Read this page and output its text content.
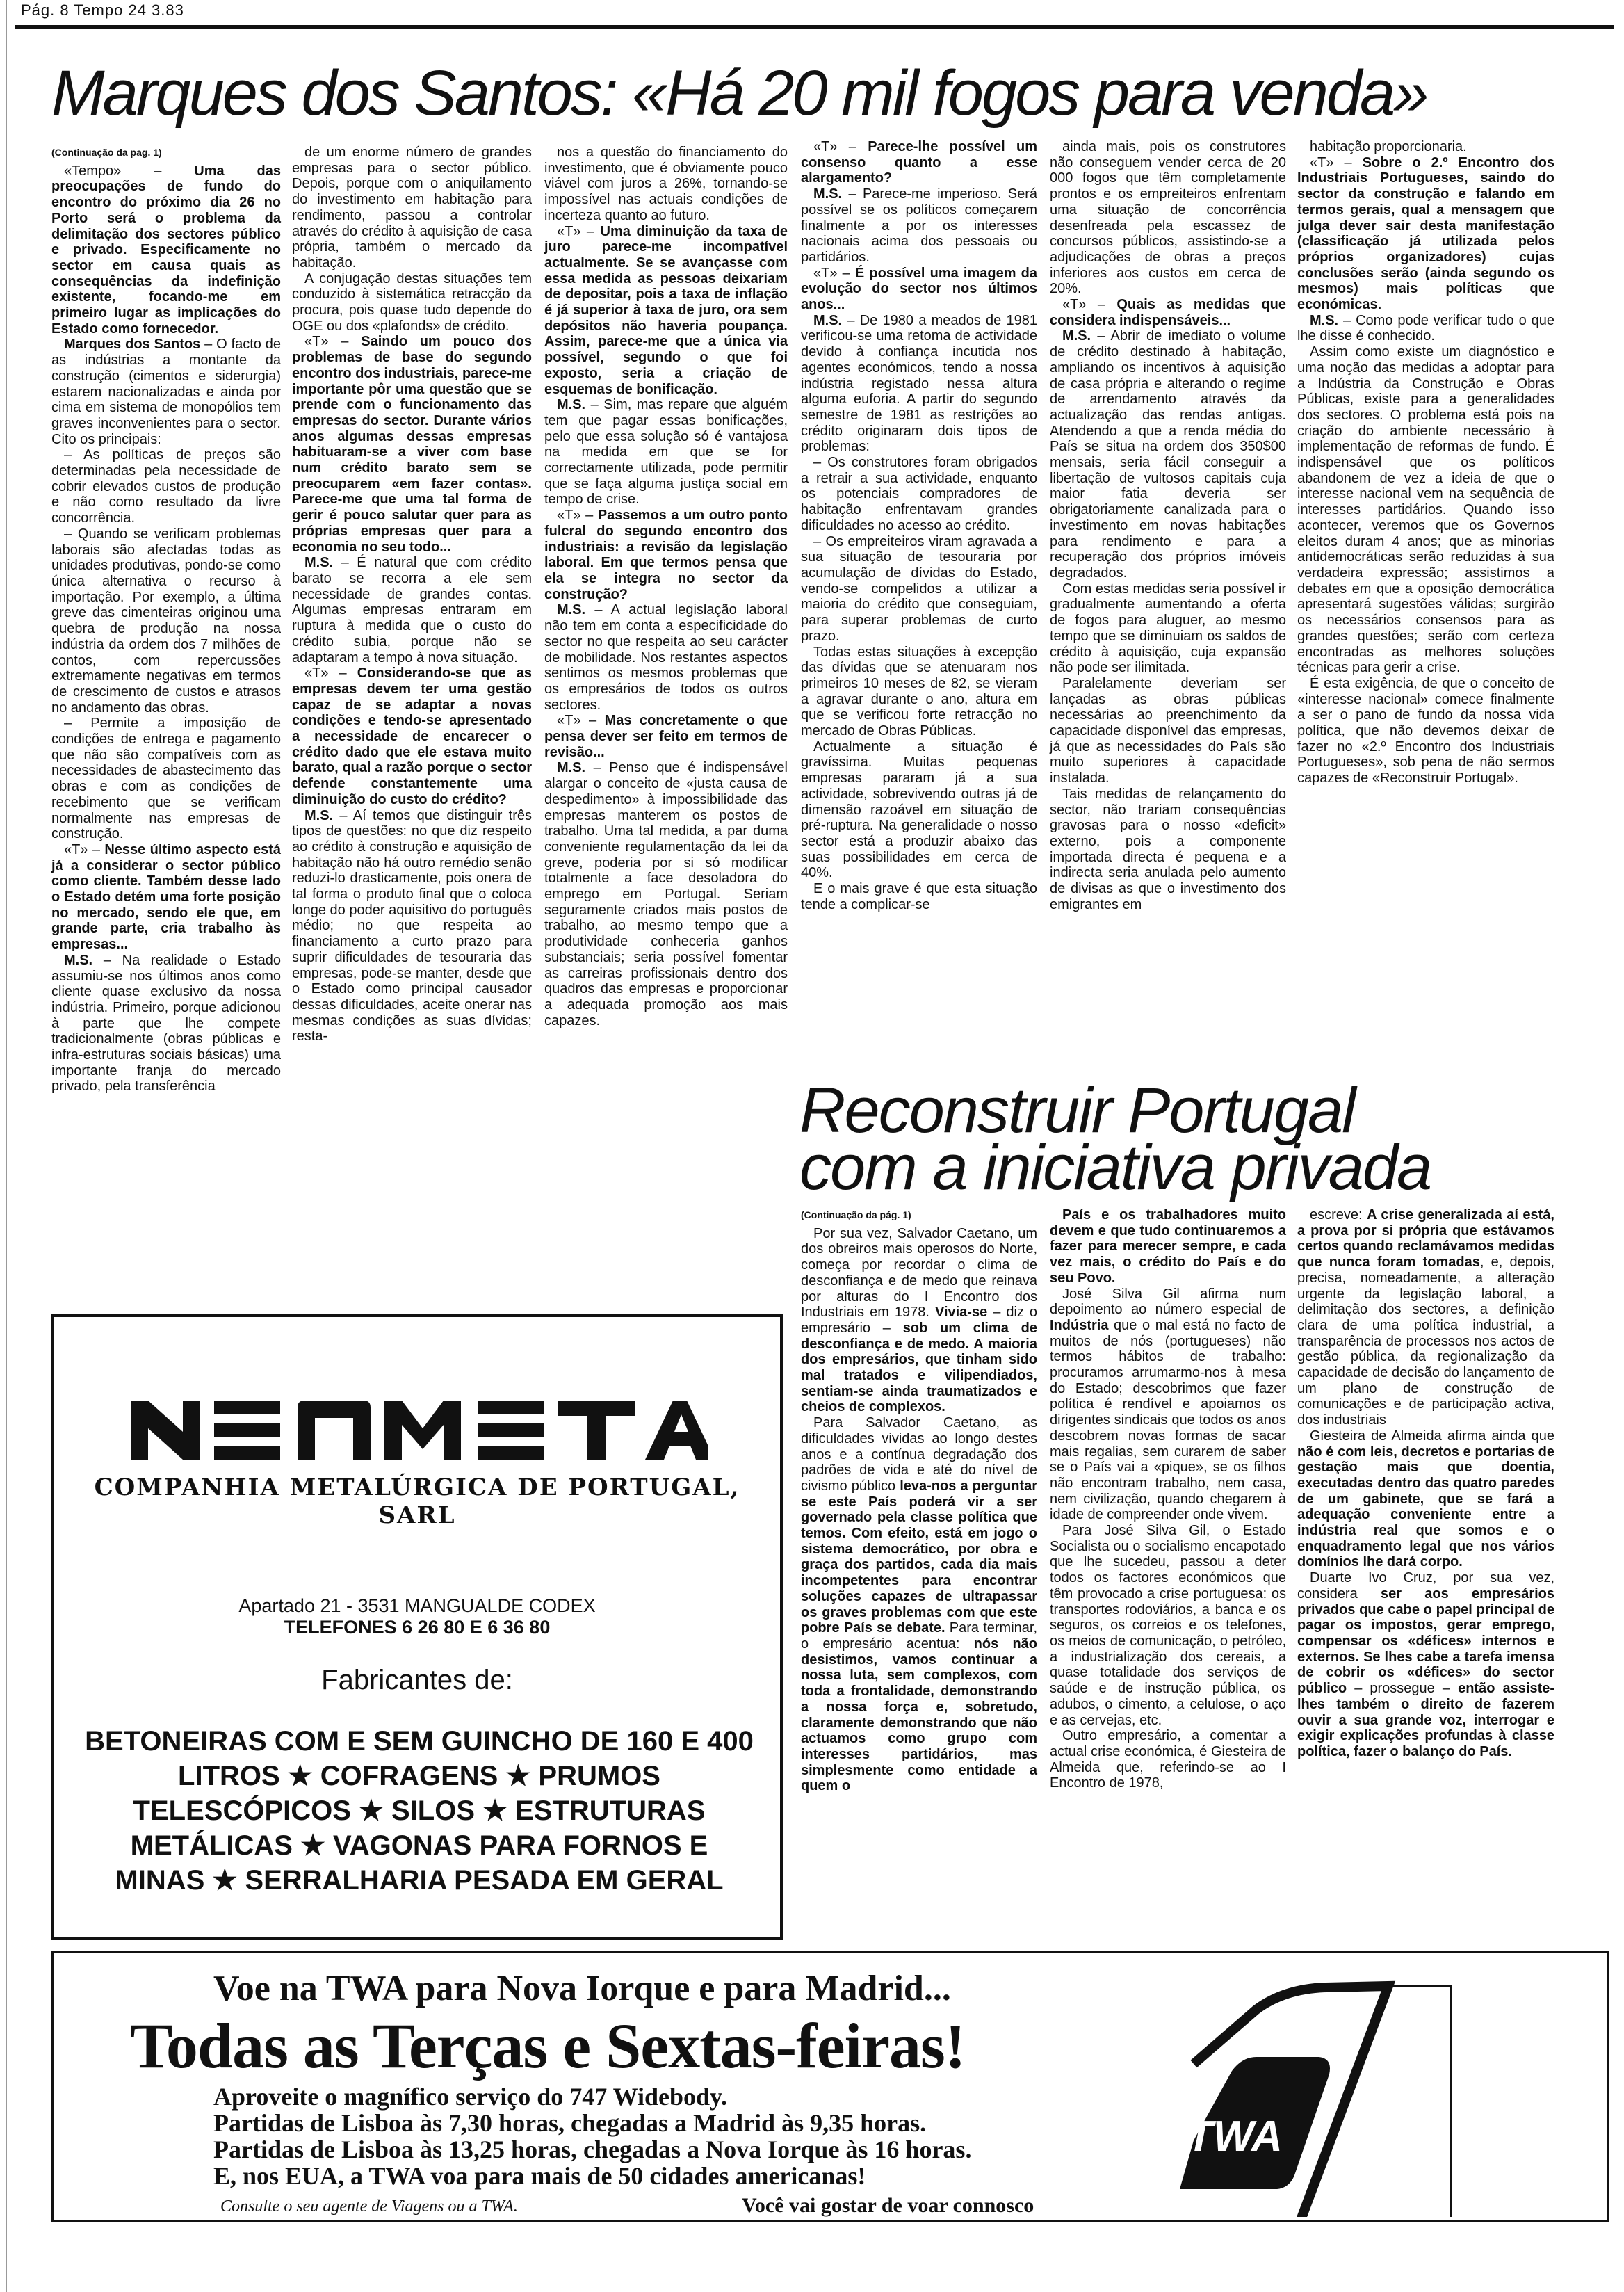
Pág. 8 Tempo 24 3.83
Marques dos Santos: «Há 20 mil fogos para venda»
(Continuação da pag. 1)

«Tempo» – Uma das preocupações de fundo do encontro do próximo dia 26 no Porto será o problema da delimitação dos sectores público e privado. Especificamente no sector em causa quais as consequências da indefinição existente, focando-me em primeiro lugar as implicações do Estado como fornecedor.

Marques dos Santos – O facto de as indústrias a montante da construção (cimentos e siderurgia) estarem nacionalizadas e ainda por cima em sistema de monopólios tem graves inconvenientes para o sector. Cito os principais:

– As políticas de preços são determinadas pela necessidade de cobrir elevados custos de produção e não como resultado da livre concorrência.

– Quando se verificam problemas laborais são afectadas todas as unidades produtivas, pondo-se como única alternativa o recurso à importação. Por exemplo, a última greve das cimenteiras originou uma quebra de produção na nossa indústria da ordem dos 7 milhões de contos, com repercussões extremamente negativas em termos de crescimento de custos e atrasos no andamento das obras.

– Permite a imposição de condições de entrega e pagamento que não são compatíveis com as necessidades de abastecimento das obras e com as condições de recebimento que se verificam normalmente nas empresas de construção.

«T» – Nesse último aspecto está já a considerar o sector público como cliente. Também desse lado o Estado detém uma forte posição no mercado, sendo ele que, em grande parte, cria trabalho às empresas...

M.S. – Na realidade o Estado assumiu-se nos últimos anos como cliente quase exclusivo da nossa indústria. Primeiro, porque adicionou à parte que lhe compete tradicionalmente (obras públicas e infra-estruturas sociais básicas) uma importante franja do mercado privado, pela transferência

de um enorme número de grandes empresas para o sector público. Depois, porque com o aniquilamento do investimento em habitação para rendimento, passou a controlar através do crédito à aquisição de casa própria, também o mercado da habitação.

A conjugação destas situações tem conduzido à sistemática retracção da procura, pois quase tudo depende do OGE ou dos «plafonds» de crédito.

«T» – Saindo um pouco dos problemas de base do segundo encontro dos industriais, parece-me importante pôr uma questão que se prende com o funcionamento das empresas do sector. Durante vários anos algumas dessas empresas habituaram-se a viver com base num crédito barato sem se preocuparem «em fazer contas». Parece-me que uma tal forma de gerir é pouco salutar quer para as próprias empresas quer para a economia no seu todo...

M.S. – É natural que com crédito barato se recorra a ele sem necessidade de grandes contas. Algumas empresas entraram em ruptura à medida que o custo do crédito subia, porque não se adaptaram a tempo à nova situação.

«T» – Considerando-se que as empresas devem ter uma gestão capaz de se adaptar a novas condições e tendo-se apresentado a necessidade de encarecer o crédito dado que ele estava muito barato, qual a razão porque o sector defende constantemente uma diminuição do custo do crédito?

M.S. – Aí temos que distinguir três tipos de questões: no que diz respeito ao crédito à construção e aquisição de habitação não há outro remédio senão reduzi-lo drasticamente, pois onera de tal forma o produto final que o coloca longe do poder aquisitivo do português médio; no que respeita ao financiamento a curto prazo para suprir dificuldades de tesouraria das empresas, pode-se manter, desde que o Estado como principal causador dessas dificuldades, aceite onerar nas mesmas condições as suas dívidas; resta-

nos a questão do financiamento do investimento, que é obviamente pouco viável com juros a 26%, tornando-se impossível nas actuais condições de incerteza quanto ao futuro.

«T» – Uma diminuição da taxa de juro parece-me incompatível actualmente. Se se avançasse com essa medida as pessoas deixariam de depositar, pois a taxa de inflação é já superior à taxa de juro, ora sem depósitos não haveria poupança. Assim, parece-me que a única via possível, segundo o que foi exposto, seria a criação de esquemas de bonificação.

M.S. – Sim, mas repare que alguém tem que pagar essas bonificações, pelo que essa solução só é vantajosa na medida em que se for correctamente utilizada, pode permitir que se faça alguma justiça social em tempo de crise.

«T» – Passemos a um outro ponto fulcral do segundo encontro dos industriais: a revisão da legislação laboral. Em que termos pensa que ela se integra no sector da construção?

M.S. – A actual legislação laboral não tem em conta a especificidade do sector no que respeita ao seu carácter de mobilidade. Nos restantes aspectos sentimos os mesmos problemas que os empresários de todos os outros sectores.

«T» – Mas concretamente o que pensa dever ser feito em termos de revisão...

M.S. – Penso que é indispensável alargar o conceito de «justa causa de despedimento» à impossibilidade das empresas manterem os postos de trabalho. Uma tal medida, a par duma conveniente regulamentação da lei da greve, poderia por si só modificar totalmente a face desoladora do emprego em Portugal. Seriam seguramente criados mais postos de trabalho, ao mesmo tempo que a produtividade conheceria ganhos substanciais; seria possível fomentar as carreiras profissionais dentro dos quadros das empresas e proporcionar a adequada promoção aos mais capazes.

«T» – Parece-lhe possível um consenso quanto a esse alargamento?

M.S. – Parece-me imperioso. Será possível se os políticos começarem finalmente a por os interesses nacionais acima dos pessoais ou partidários.

«T» – É possível uma imagem da evolução do sector nos últimos anos...

M.S. – De 1980 a meados de 1981 verificou-se uma retoma de actividade devido à confiança incutida nos agentes económicos, tendo a nossa indústria registado nessa altura alguma euforia. A partir do segundo semestre de 1981 as restrições ao crédito originaram dois tipos de problemas:

– Os construtores foram obrigados a retrair a sua actividade, enquanto os potenciais compradores de habitação enfrentavam grandes dificuldades no acesso ao crédito.

– Os empreiteiros viram agravada a sua situação de tesouraria por acumulação de dívidas do Estado, vendo-se compelidos a utilizar a maioria do crédito que conseguiam, para superar problemas de curto prazo.

Todas estas situações à excepção das dívidas que se atenuaram nos primeiros 10 meses de 82, se vieram a agravar durante o ano, altura em que se verificou forte retracção no mercado de Obras Públicas.

Actualmente a situação é gravíssima. Muitas pequenas empresas pararam já a sua actividade, sobrevivendo outras já de dimensão razoável em situação de pré-ruptura. Na generalidade o nosso sector está a produzir abaixo das suas possibilidades em cerca de 40%.

E o mais grave é que esta situação tende a complicar-se

ainda mais, pois os construtores não conseguem vender cerca de 20 000 fogos que têm completamente prontos e os empreiteiros enfrentam uma situação de concorrência desenfreada pela escassez de concursos públicos, assistindo-se a adjudicações de obras a preços inferiores aos custos em cerca de 20%.

«T» – Quais as medidas que considera indispensáveis...

M.S. – Abrir de imediato o volume de crédito destinado à habitação, ampliando os incentivos à aquisição de casa própria e alterando o regime de arrendamento através da actualização das rendas antigas. Atendendo a que a renda média do País se situa na ordem dos 350$00 mensais, seria fácil conseguir a libertação de vultosos capitais cuja maior fatia deveria ser obrigatoriamente canalizada para o investimento em novas habitações para rendimento e para a recuperação dos próprios imóveis degradados.

Com estas medidas seria possível ir gradualmente aumentando a oferta de fogos para aluguer, ao mesmo tempo que se diminuiam os saldos de crédito à aquisição, cuja expansão não pode ser ilimitada.

Paralelamente deveriam ser lançadas as obras públicas necessárias ao preenchimento da capacidade disponível das empresas, já que as necessidades do País são muito superiores à capacidade instalada.

Tais medidas de relançamento do sector, não trariam consequências gravosas para o nosso «deficit» externo, pois a componente importada directa é pequena e a indirecta seria anulada pelo aumento de divisas as que o investimento dos emigrantes em

habitação proporcionaria.

«T» – Sobre o 2.º Encontro dos Industriais Portugueses, saindo do sector da construção e falando em termos gerais, qual a mensagem que julga dever sair desta manifestação (classificação já utilizada pelos próprios organizadores) cujas conclusões serão (ainda segundo os mesmos) mais políticas que económicas.

M.S. – Como pode verificar tudo o que lhe disse é conhecido.

Assim como existe um diagnóstico e uma noção das medidas a adoptar para a Indústria da Construção e Obras Públicas, existe para a generalidades dos sectores. O problema está pois na criação do ambiente necessário à implementação de reformas de fundo. É indispensável que os políticos abandonem de vez a ideia de que o interesse nacional vem na sequência de interesses partidários. Quando isso acontecer, veremos que os Governos eleitos duram 4 anos; que as minorias antidemocráticas serão reduzidas à sua verdadeira expressão; assistimos a debates em que a oposição democrática apresentará sugestões válidas; surgirão os necessários consensos para as grandes questões; serão com certeza encontradas as melhores soluções técnicas para gerir a crise.

É esta exigência, de que o conceito de «interesse nacional» comece finalmente a ser o pano de fundo da nossa vida política, que não devemos deixar de fazer no «2.º Encontro dos Industriais Portugueses», sob pena de não sermos capazes de «Reconstruir Portugal».

Reconstruir Portugal
com a iniciativa privada
(Continuação da pág. 1)

Por sua vez, Salvador Caetano, um dos obreiros mais operosos do Norte, começa por recordar o clima de desconfiança e de medo que reinava por alturas do I Encontro dos Industriais em 1978. Vivia-se – diz o empresário – sob um clima de desconfiança e de medo. A maioria dos empresários, que tinham sido mal tratados e vilipendiados, sentiam-se ainda traumatizados e cheios de complexos.

Para Salvador Caetano, as dificuldades vividas ao longo destes anos e a contínua degradação dos padrões de vida e até do nível de civismo público leva-nos a perguntar se este País poderá vir a ser governado pela classe política que temos. Com efeito, está em jogo o sistema democrático, por obra e graça dos partidos, cada dia mais incompetentes para encontrar soluções capazes de ultrapassar os graves problemas com que este pobre País se debate. Para terminar, o empresário acentua: nós não desistimos, vamos continuar a nossa luta, sem complexos, com toda a frontalidade, demonstrando a nossa força e, sobretudo, claramente demonstrando que não actuamos como grupo com interesses partidários, mas simplesmente como entidade a quem o

País e os trabalhadores muito devem e que tudo continuaremos a fazer para merecer sempre, e cada vez mais, o crédito do País e do seu Povo.

José Silva Gil afirma num depoimento ao número especial de Indústria que o mal está no facto de muitos de nós (portugueses) não termos hábitos de trabalho: procuramos arrumarmo-nos à mesa do Estado; descobrimos que fazer política é rendível e apoiamos os dirigentes sindicais que todos os anos descobrem novas formas de sacar mais regalias, sem curarem de saber se o País vai a «pique», se os filhos não encontram trabalho, nem casa, nem civilização, quando chegarem à idade de compreender onde vivem.

Para José Silva Gil, o Estado Socialista ou o socialismo encapotado que lhe sucedeu, passou a deter todos os factores económicos que têm provocado a crise portuguesa: os transportes rodoviários, a banca e os seguros, os correios e os telefones, os meios de comunicação, o petróleo, a industrialização dos cereais, a quase totalidade dos serviços de saúde e de instrução pública, os adubos, o cimento, a celulose, o aço e as cervejas, etc.

Outro empresário, a comentar a actual crise económica, é Giesteira de Almeida que, referindo-se ao I Encontro de 1978,

escreve: A crise generalizada aí está, a prova por si própria que estávamos certos quando reclamávamos medidas que nunca foram tomadas, e, depois, precisa, nomeadamente, a alteração urgente da legislação laboral, a delimitação dos sectores, a definição clara de uma política industrial, a transparência de processos nos actos de gestão pública, da regionalização da capacidade de decisão do lançamento de um plano de construção de comunicações e de participação activa, dos industriais

Giesteira de Almeida afirma ainda que não é com leis, decretos e portarias de gestação mais que doentia, executadas dentro das quatro paredes de um gabinete, que se fará a adequação conveniente entre a indústria real que somos e o enquadramento legal que nos vários domínios lhe dará corpo.

Duarte Ivo Cruz, por sua vez, considera ser aos empresários privados que cabe o papel principal de pagar os impostos, gerar emprego, compensar os «défices» internos e externos. Se lhes cabe a tarefa imensa de cobrir os «défices» do sector público – prossegue – então assiste-lhes também o direito de fazerem ouvir a sua grande voz, interrogar e exigir explicações profundas à classe política, fazer o balanço do País.

COMPANHIA METALÚRGICA DE PORTUGAL, SARL
Apartado 21 - 3531 MANGUALDE CODEX
TELEFONES 6 26 80 E 6 36 80
Fabricantes de:
BETONEIRAS COM E SEM GUINCHO DE 160 E 400 LITROS ★ COFRAGENS ★ PRUMOS TELESCÓPICOS ★ SILOS ★ ESTRUTURAS METÁLICAS ★ VAGONAS PARA FORNOS E MINAS ★ SERRALHARIA PESADA EM GERAL
Voe na TWA para Nova Iorque e para Madrid...
Todas as Terças e Sextas-feiras!
Aproveite o magnífico serviço do 747 Widebody.
Partidas de Lisboa às 7,30 horas, chegadas a Madrid às 9,35 horas.
Partidas de Lisboa às 13,25 horas, chegadas a Nova Iorque às 16 horas.
E, nos EUA, a TWA voa para mais de 50 cidades americanas!
Consulte o seu agente de Viagens ou a TWA.	Você vai gostar de voar connosco
TWA
